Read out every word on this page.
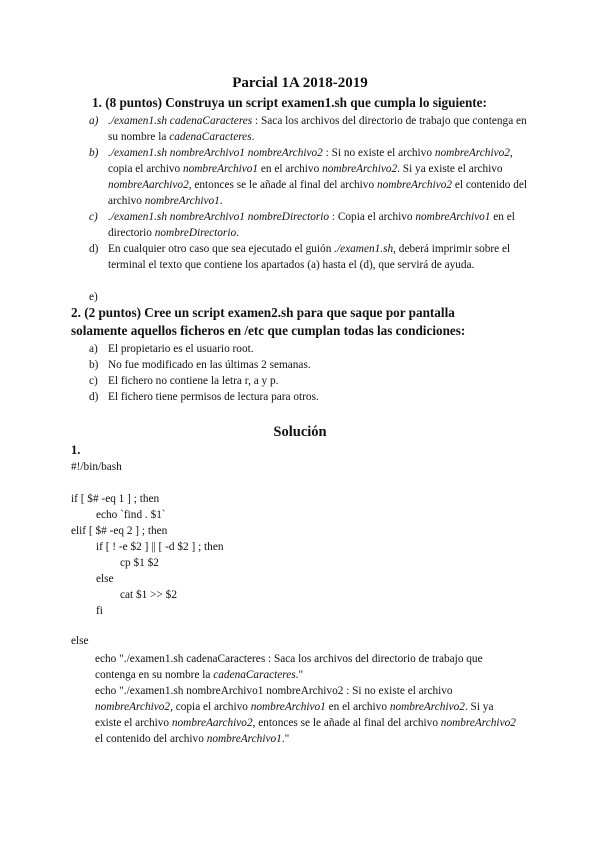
Parcial 1A 2018-2019
1. (8 puntos) Construya un script examen1.sh que cumpla lo siguiente:
a) ./examen1.sh cadenaCaracteres : Saca los archivos del directorio de trabajo que contenga en su nombre la cadenaCaracteres.
b) ./examen1.sh nombreArchivo1 nombreArchivo2 : Si no existe el archivo nombreArchivo2, copia el archivo nombreArchivo1 en el archivo nombreArchivo2. Si ya existe el archivo nombreAarchivo2, entonces se le añade al final del archivo nombreArchivo2 el contenido del archivo nombreArchivo1.
c) ./examen1.sh nombreArchivo1 nombreDirectorio : Copia el archivo nombreArchivo1 en el directorio nombreDirectorio.
d) En cualquier otro caso que sea ejecutado el guión ./examen1.sh, deberá imprimir sobre el terminal el texto que contiene los apartados (a) hasta el (d), que servirá de ayuda.
e)
2. (2 puntos) Cree un script examen2.sh para que saque por pantalla
solamente aquellos ficheros en /etc que cumplan todas las condiciones:
a) El propietario es el usuario root.
b) No fue modificado en las últimas 2 semanas.
c) El fichero no contiene la letra r, a y p.
d) El fichero tiene permisos de lectura para otros.
Solución
1.
#!/bin/bash
if [ $# -eq 1 ] ; then
echo `find . $1`
elif [ $# -eq 2 ] ; then
if [ ! -e $2 ] || [ -d $2 ] ; then
cp $1 $2
else
cat $1 >> $2
fi
else
echo "./examen1.sh cadenaCaracteres : Saca los archivos del directorio de trabajo que contenga en su nombre la cadenaCaracteres."
echo "./examen1.sh nombreArchivo1 nombreArchivo2 : Si no existe el archivo nombreArchivo2, copia el archivo nombreArchivo1 en el archivo nombreArchivo2. Si ya existe el archivo nombreAarchivo2, entonces se le añade al final del archivo nombreArchivo2 el contenido del archivo nombreArchivo1."
